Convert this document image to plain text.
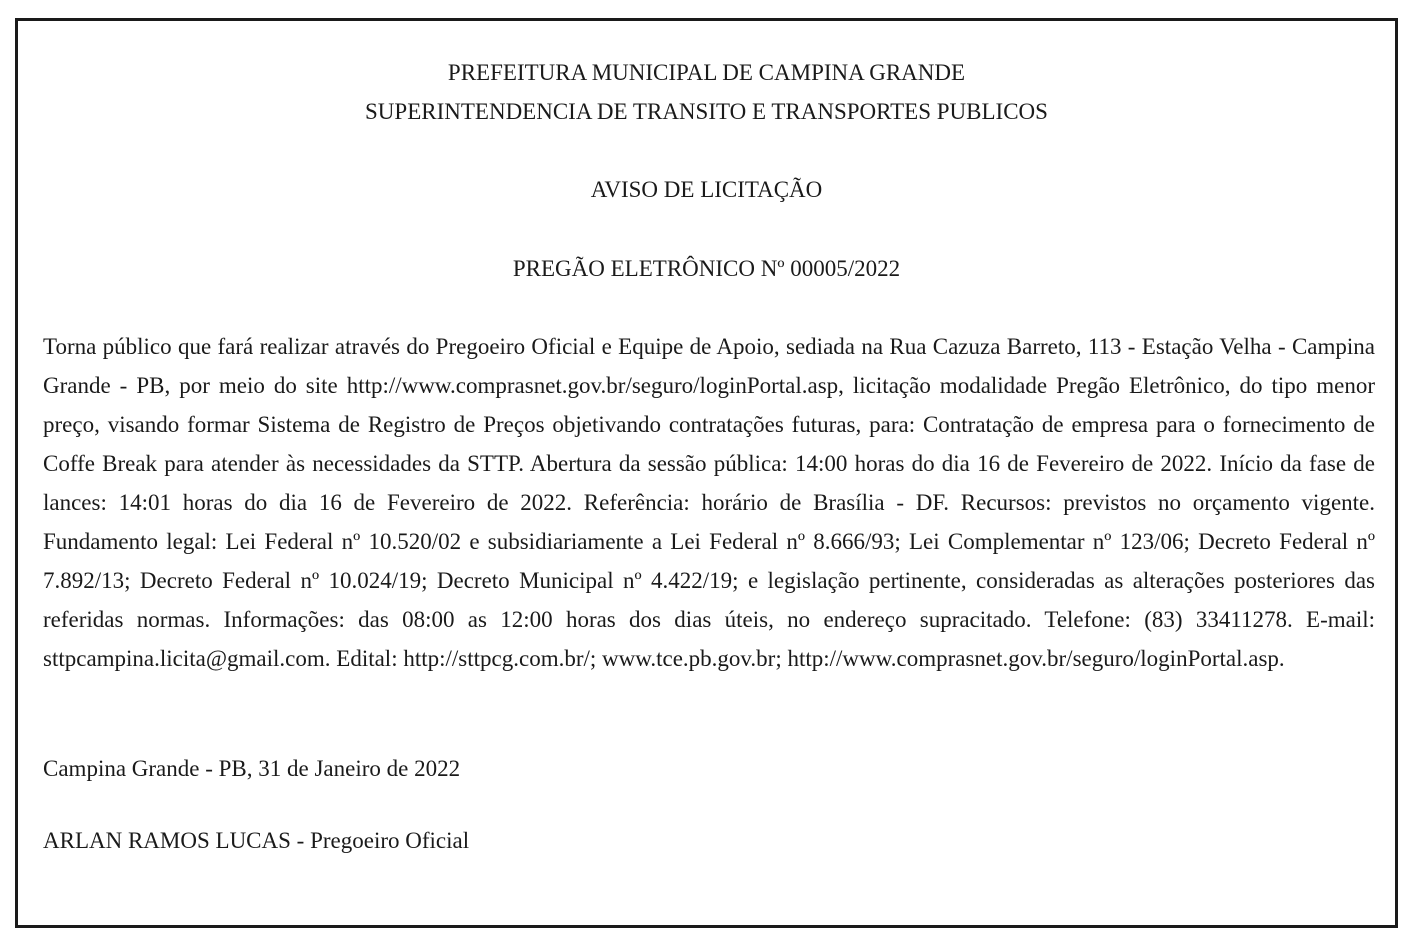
PREFEITURA MUNICIPAL DE CAMPINA GRANDE
SUPERINTENDENCIA DE TRANSITO E TRANSPORTES PUBLICOS
AVISO DE LICITAÇÃO
PREGÃO ELETRÔNICO Nº 00005/2022

Torna público que fará realizar através do Pregoeiro Oficial e Equipe de Apoio, sediada na Rua Cazuza Barreto, 113 - Estação Velha - Campina Grande - PB, por meio do site http://www.comprasnet.gov.br/seguro/loginPortal.asp, licitação modalidade Pregão Eletrônico, do tipo menor preço, visando formar Sistema de Registro de Preços objetivando contratações futuras, para: Contratação de empresa para o fornecimento de Coffe Break para atender às necessidades da STTP. Abertura da sessão pública: 14:00 horas do dia 16 de Fevereiro de 2022. Início da fase de lances: 14:01 horas do dia 16 de Fevereiro de 2022. Referência: horário de Brasília - DF. Recursos: previstos no orçamento vigente. Fundamento legal: Lei Federal nº 10.520/02 e subsidiariamente a Lei Federal nº 8.666/93; Lei Complementar nº 123/06; Decreto Federal nº 7.892/13; Decreto Federal nº 10.024/19; Decreto Municipal nº 4.422/19; e legislação pertinente, consideradas as alterações posteriores das referidas normas. Informações: das 08:00 as 12:00 horas dos dias úteis, no endereço supracitado. Telefone: (83) 33411278. E-mail: sttpcampina.licita@gmail.com. Edital: http://sttpcg.com.br/; www.tce.pb.gov.br; http://www.comprasnet.gov.br/seguro/loginPortal.asp.

Campina Grande - PB, 31 de Janeiro de 2022
ARLAN RAMOS LUCAS - Pregoeiro Oficial
